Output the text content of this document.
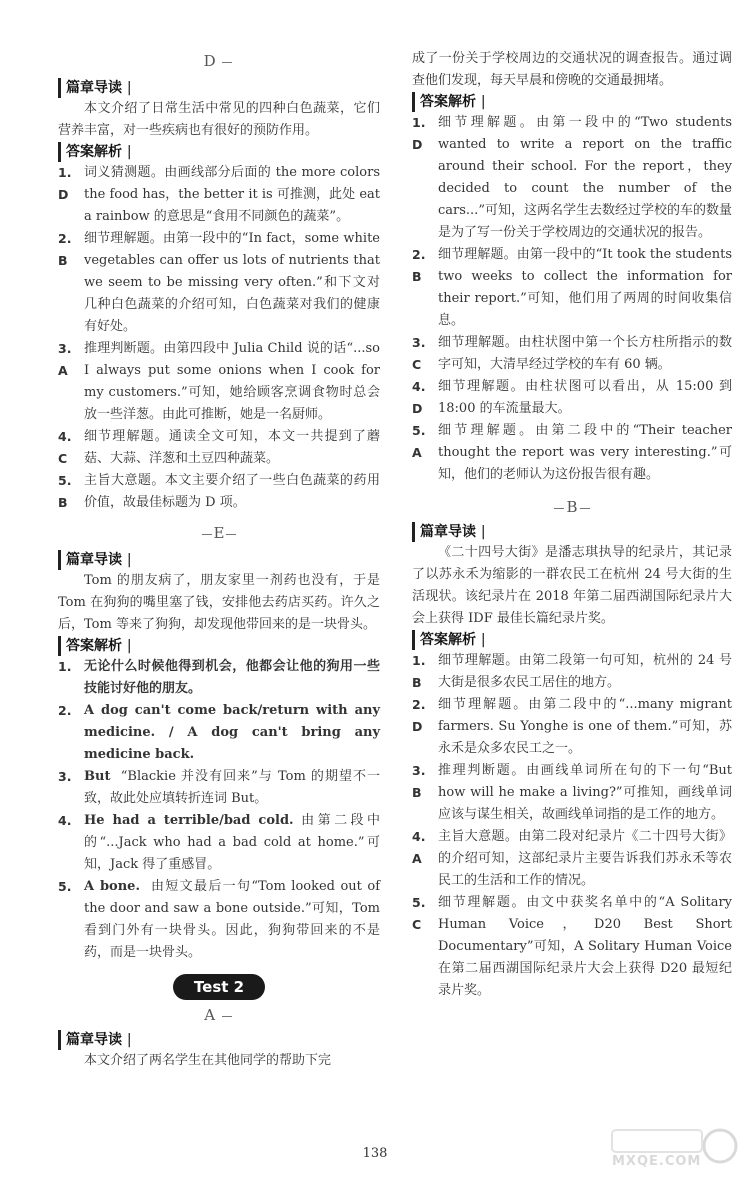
D
篇章导读 |
本文介绍了日常生活中常见的四种白色蔬菜，它们营养丰富，对一些疾病也有很好的预防作用。
答案解析 |
1. D
词义猜测题。由画线部分后面的 the more colors the food has，the better it is 可推测，此处 eat a rainbow 的意思是“食用不同颜色的蔬菜”。
2. B
细节理解题。由第一段中的“In fact，some white vegetables can offer us lots of nutrients that we seem to be missing very often.”和下文对几种白色蔬菜的介绍可知，白色蔬菜对我们的健康有好处。
3. A
推理判断题。由第四段中 Julia Child 说的话“...so I always put some onions when I cook for my customers.”可知，她给顾客烹调食物时总会放一些洋葱。由此可推断，她是一名厨师。
4. C
细节理解题。通读全文可知，本文一共提到了蘑菇、大蒜、洋葱和土豆四种蔬菜。
5. B
主旨大意题。本文主要介绍了一些白色蔬菜的药用价值，故最佳标题为 D 项。
E
篇章导读 |
Tom 的朋友病了，朋友家里一剂药也没有，于是 Tom 在狗狗的嘴里塞了钱，安排他去药店买药。许久之后，Tom 等来了狗狗，却发现他带回来的是一块骨头。
答案解析 |
1. 无论什么时候他得到机会，他都会让他的狗用一些技能讨好他的朋友。
2. A dog can't come back/return with any medicine. / A dog can't bring any medicine back.
3. But “Blackie 并没有回来”与 Tom 的期望不一致，故此处应填转折连词 But。
4. He had a terrible/bad cold. 由第二段中的“...Jack who had a bad cold at home.”可知，Jack 得了重感冒。
5. A bone. 由短文最后一句“Tom looked out of the door and saw a bone outside.”可知，Tom 看到门外有一块骨头。因此，狗狗带回来的不是药，而是一块骨头。
Test 2
A
篇章导读 |
本文介绍了两名学生在其他同学的帮助下完
成了一份关于学校周边的交通状况的调查报告。通过调查他们发现，每天早晨和傍晚的交通最拥堵。
答案解析 |
1. D
细节理解题。由第一段中的“Two students wanted to write a report on the traffic around their school. For the report，they decided to count the number of the cars...”可知，这两名学生去数经过学校的车的数量是为了写一份关于学校周边的交通状况的报告。
2. B
细节理解题。由第一段中的“It took the students two weeks to collect the information for their report.”可知，他们用了两周的时间收集信息。
3. C
细节理解题。由柱状图中第一个长方柱所指示的数字可知，大清早经过学校的车有 60 辆。
4. D
细节理解题。由柱状图可以看出，从 15:00 到 18:00 的车流量最大。
5. A
细节理解题。由第二段中的“Their teacher thought the report was very interesting.”可知，他们的老师认为这份报告很有趣。
B
篇章导读 |
《二十四号大街》是潘志琪执导的纪录片，其记录了以苏永禾为缩影的一群农民工在杭州 24 号大街的生活现状。该纪录片在 2018 年第二届西湖国际纪录片大会上获得 IDF 最佳长篇纪录片奖。
答案解析 |
1. B
细节理解题。由第二段第一句可知，杭州的 24 号大街是很多农民工居住的地方。
2. D
细节理解题。由第二段中的“...many migrant farmers. Su Yonghe is one of them.”可知，苏永禾是众多农民工之一。
3. B
推理判断题。由画线单词所在句的下一句“But how will he make a living?”可推知，画线单词应该与谋生相关，故画线单词指的是工作的地方。
4. A
主旨大意题。由第二段对纪录片《二十四号大街》的介绍可知，这部纪录片主要告诉我们苏永禾等农民工的生活和工作的情况。
5. C
细节理解题。由文中获奖名单中的“A Solitary Human Voice，D20 Best Short Documentary”可知，A Solitary Human Voice 在第二届西湖国际纪录片大会上获得 D20 最短纪录片奖。
138
MXQE.COM
